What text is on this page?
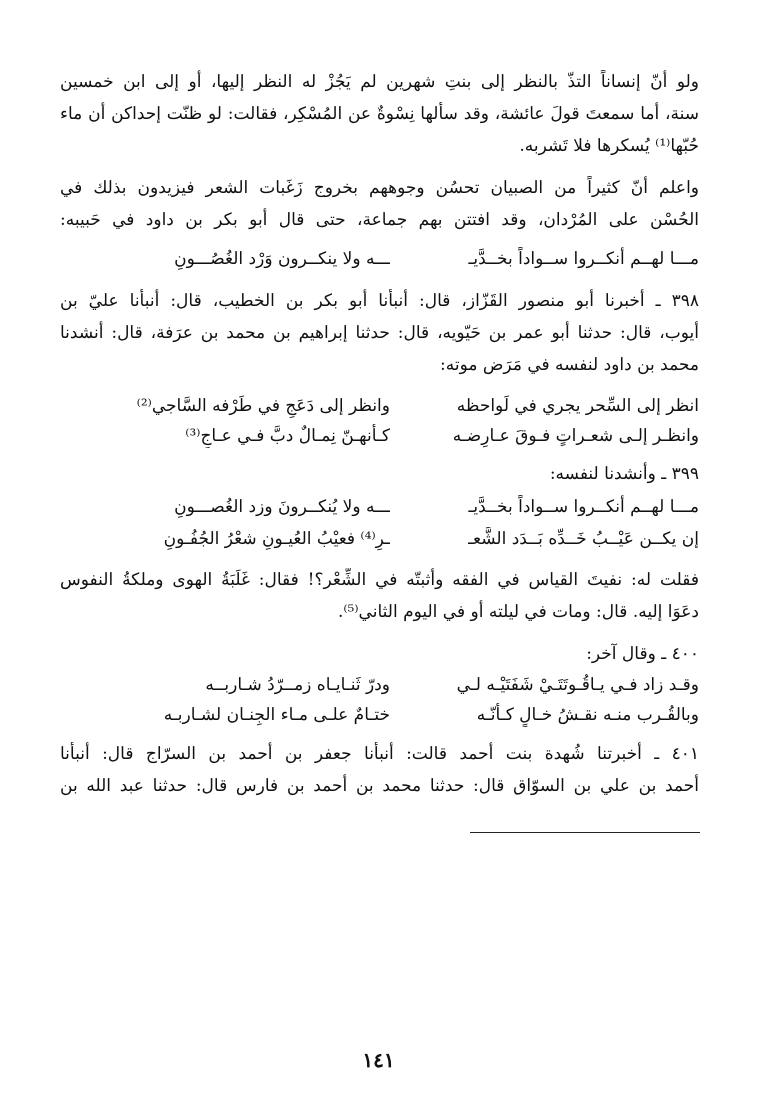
ولو أنّ إنساناً التذّ بالنظر إلى بنتِ شهرين لم يَجُزْ له النظر إليها، أو إلى ابن خمسين
سنة، أما سمعتَ قولَ عائشة، وقد سألها نِسْوةٌ عن المُسْكِر، فقالت: لو ظنّت إحداكن أن ماء
حُبّها⁽¹⁾ يُسكرها فلا تَشربه.
واعلم أنّ كثيراً من الصبيان تحسُن وجوههم بخروج زَغَبات الشعر فيزيدون بذلك في
الحُسْن على المُرْدان، وقد افتتن بهم جماعة، حتى قال أبو بكر بن داود في حَبيبه:
مـــا لهــم أنكــروا ســواداً بخــدَّيـ
ـــه ولا ينكــرون وَرْد الغُصُـــونِ
٣٩٨ ـ أخبرنا أبو منصور القَزّاز، قال: أنبأنا أبو بكر بن الخطيب، قال: أنبأنا عليّ بن
أيوب، قال: حدثنا أبو عمر بن حَيّويه، قال: حدثنا إبراهيم بن محمد بن عرَفة، قال: أنشدنا
محمد بن داود لنفسه في مَرَض موته:
انظر إلى السِّحر يجري في لَواحظه
وانظر إلى دَعَجٍ في طَرْفه السَّاجي⁽²⁾
وانظـر إلـى شعـراتٍ فـوقَ عـارِضـه
كـأنهـنّ نِمـالٌ دبَّ فـي عـاجِ⁽³⁾
٣٩٩ ـ وأنشدنا لنفسه:
مـــا لهــم أنكــروا ســواداً بخــدَّيـ
ـــه ولا يُنكــرونَ وزد الغُصـــونِ
إن يكــن عَيْــبُ خَــدِّه بَــدَد الشَّعـ
ـرِ⁽⁴⁾ فعيْبُ العُيـونِ شعْرُ الجُفُـونِ
فقلت له: نفيتَ القياس في الفقه وأثبتّه في الشِّعْر؟! فقال: غَلَبَةُ الهوى وملكةُ النفوس
دعَوَا إليه. قال: ومات في ليلته أو في اليوم الثاني⁽⁵⁾.
٤٠٠ ـ وقال آخر:
وقـد زاد فـي يـاقُـوتَتَـيْ شَفَتَيْـه لـي
ودرّ ثَنـايـاه زمــرّدُ شـاربــه
وبالقُـرب منـه نقـشُ خـالٍ كـأنّـه
ختـامٌ علـى مـاء الجِنـان لشـاربـه
٤٠١ ـ أخبرتنا شُهدة بنت أحمد قالت: أنبأنا جعفر بن أحمد بن السرّاج قال: أنبأنا
أحمد بن علي بن السوّاق قال: حدثنا محمد بن أحمد بن فارس قال: حدثنا عبد الله بن
١٤١
